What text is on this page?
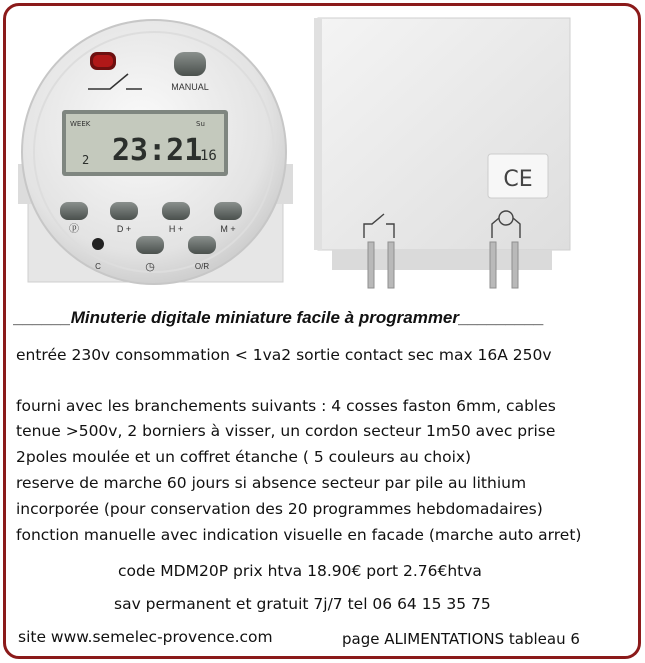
MANUAL
WEEK	Su
23:21
16
2
ⓟ	D +	H +	M +
C	◷	O/R
CE
______Minuterie digitale miniature facile à programmer_________
entrée 230v consommation < 1va2 sortie contact sec max 16A 250v
fourni avec les branchements suivants : 4 cosses faston 6mm, cables
tenue >500v, 2 borniers à visser, un cordon secteur 1m50 avec prise
2poles moulée et un coffret étanche ( 5 couleurs au choix)
reserve de marche 60 jours si absence secteur par pile au lithium
incorporée (pour conservation des 20 programmes hebdomadaires)
fonction manuelle avec indication visuelle en facade (marche auto arret)
code MDM20P prix htva 18.90€ port 2.76€htva
sav permanent et gratuit 7j/7 tel 06 64 15 35 75
site www.semelec-provence.com	page ALIMENTATIONS tableau 6
